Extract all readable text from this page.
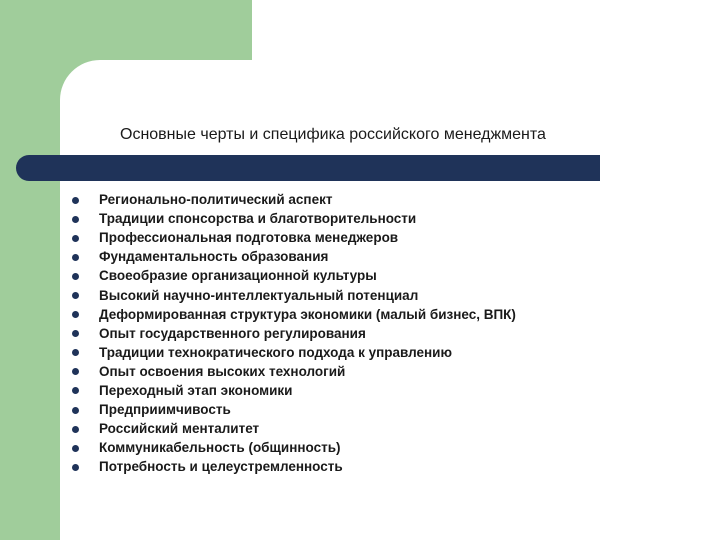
Основные черты и специфика российского менеджмента
Регионально-политический аспект
Традиции спонсорства и благотворительности
Профессиональная подготовка менеджеров
Фундаментальность образования
Своеобразие организационной культуры
Высокий научно-интеллектуальный потенциал
Деформированная структура экономики (малый бизнес, ВПК)
Опыт государственного регулирования
Традиции технократического подхода к управлению
Опыт освоения высоких технологий
Переходный этап экономики
Предприимчивость
Российский менталитет
Коммуникабельность (общинность)
Потребность и целеустремленность
